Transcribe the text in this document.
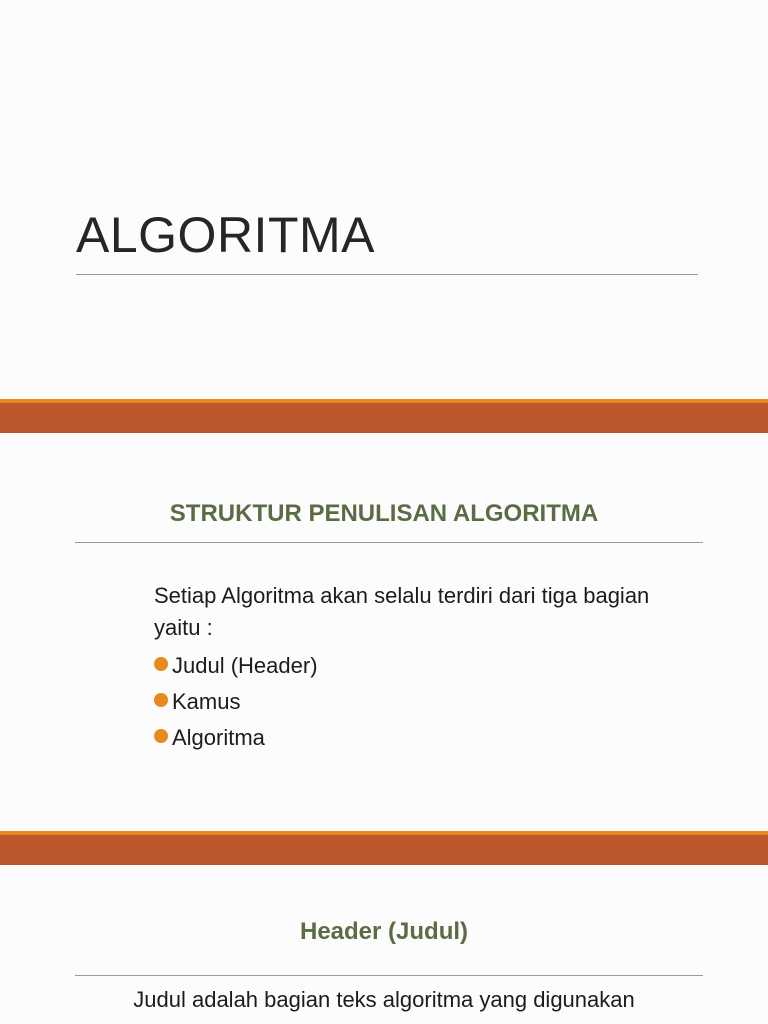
ALGORITMA
STRUKTUR PENULISAN ALGORITMA

Setiap Algoritma akan selalu terdiri dari tiga bagian yaitu :

Judul (Header)
Kamus
Algoritma
Header (Judul)

Judul adalah bagian teks algoritma yang digunakan
